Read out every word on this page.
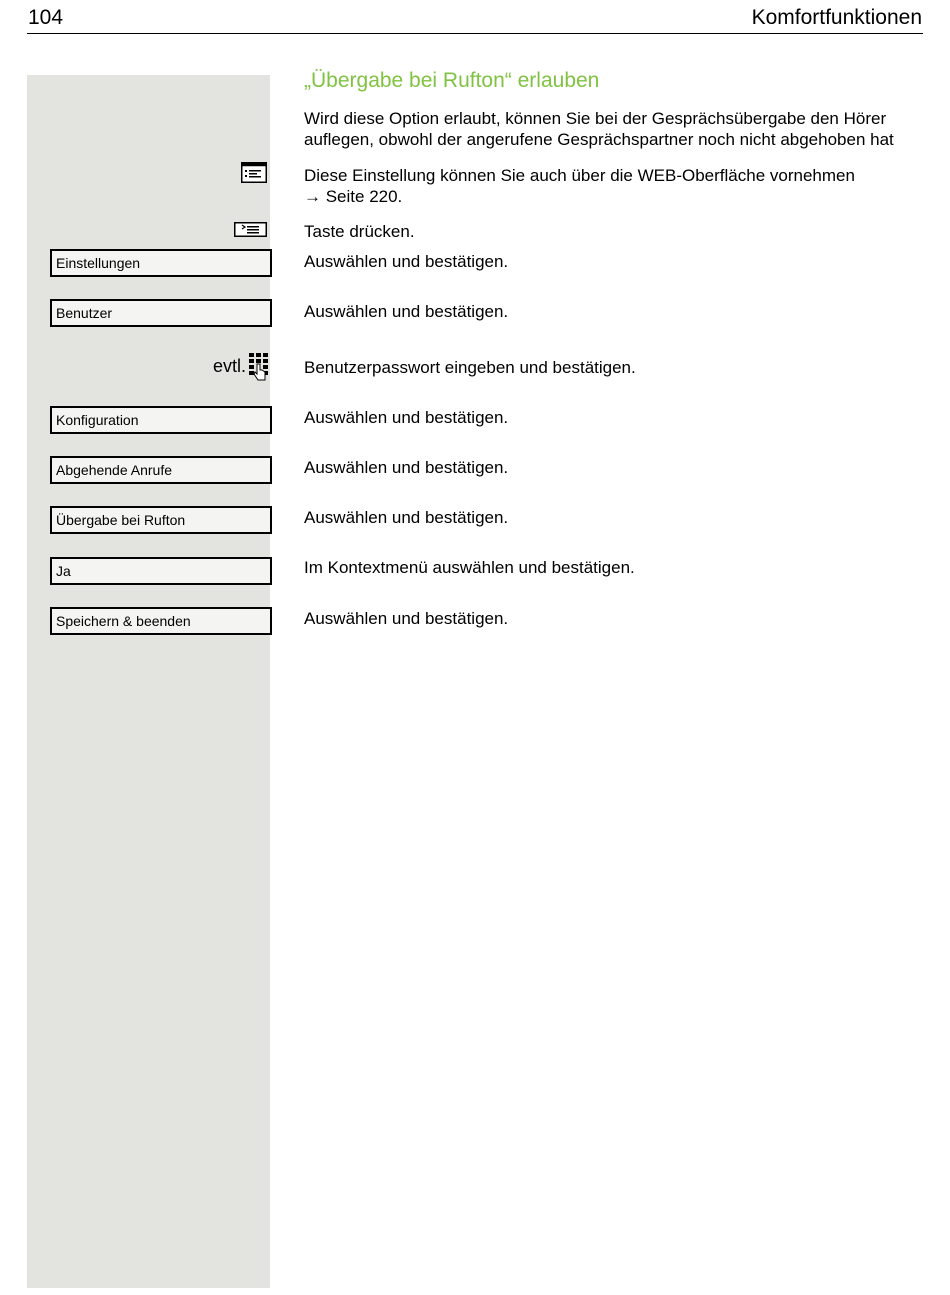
104	Komfortfunktionen
„Übergabe bei Rufton“ erlauben
Wird diese Option erlaubt, können Sie bei der Gesprächsübergabe den Hörer
auflegen, obwohl der angerufene Gesprächspartner noch nicht abgehoben hat
Diese Einstellung können Sie auch über die WEB-Oberfläche vornehmen
→ Seite 220.
Taste drücken.
Einstellungen	Auswählen und bestätigen.
Benutzer	Auswählen und bestätigen.
evtl.	Benutzerpasswort eingeben und bestätigen.
Konfiguration	Auswählen und bestätigen.
Abgehende Anrufe	Auswählen und bestätigen.
Übergabe bei Rufton	Auswählen und bestätigen.
Ja	Im Kontextmenü auswählen und bestätigen.
Speichern & beenden	Auswählen und bestätigen.
